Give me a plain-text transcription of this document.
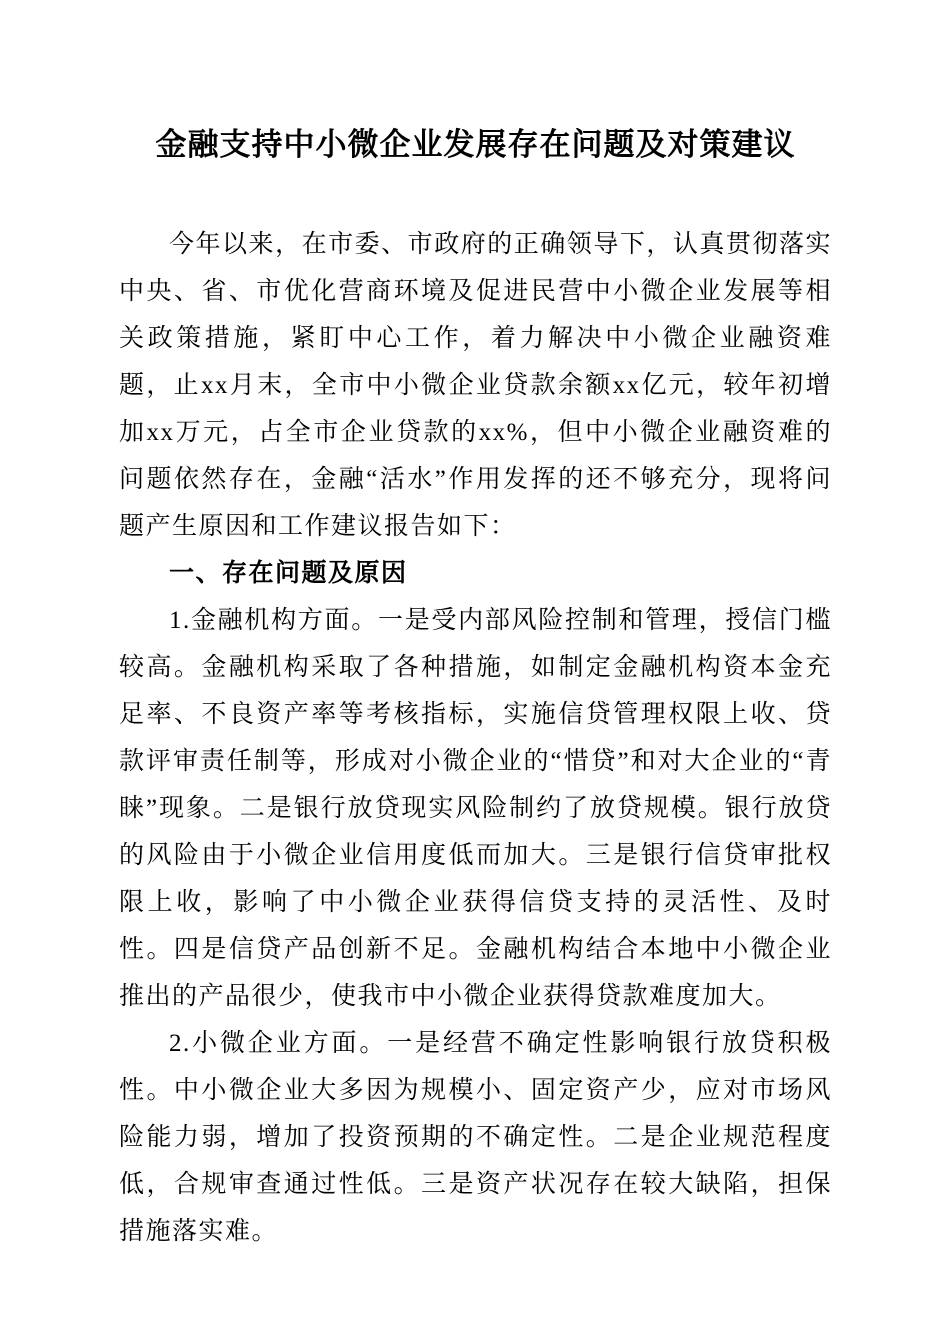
金融支持中小微企业发展存在问题及对策建议

今年以来，在市委、市政府的正确领导下，认真贯彻落实中央、省、市优化营商环境及促进民营中小微企业发展等相关政策措施，紧盯中心工作，着力解决中小微企业融资难题，止xx月末，全市中小微企业贷款余额xx亿元，较年初增加xx万元，占全市企业贷款的xx%，但中小微企业融资难的问题依然存在，金融“活水”作用发挥的还不够充分，现将问题产生原因和工作建议报告如下：

一、存在问题及原因

1.金融机构方面。一是受内部风险控制和管理，授信门槛较高。金融机构采取了各种措施，如制定金融机构资本金充足率、不良资产率等考核指标，实施信贷管理权限上收、贷款评审责任制等，形成对小微企业的“惜贷”和对大企业的“青睐”现象。二是银行放贷现实风险制约了放贷规模。银行放贷的风险由于小微企业信用度低而加大。三是银行信贷审批权限上收，影响了中小微企业获得信贷支持的灵活性、及时性。四是信贷产品创新不足。金融机构结合本地中小微企业推出的产品很少，使我市中小微企业获得贷款难度加大。

2.小微企业方面。一是经营不确定性影响银行放贷积极性。中小微企业大多因为规模小、固定资产少，应对市场风险能力弱，增加了投资预期的不确定性。二是企业规范程度低，合规审查通过性低。三是资产状况存在较大缺陷，担保措施落实难。
